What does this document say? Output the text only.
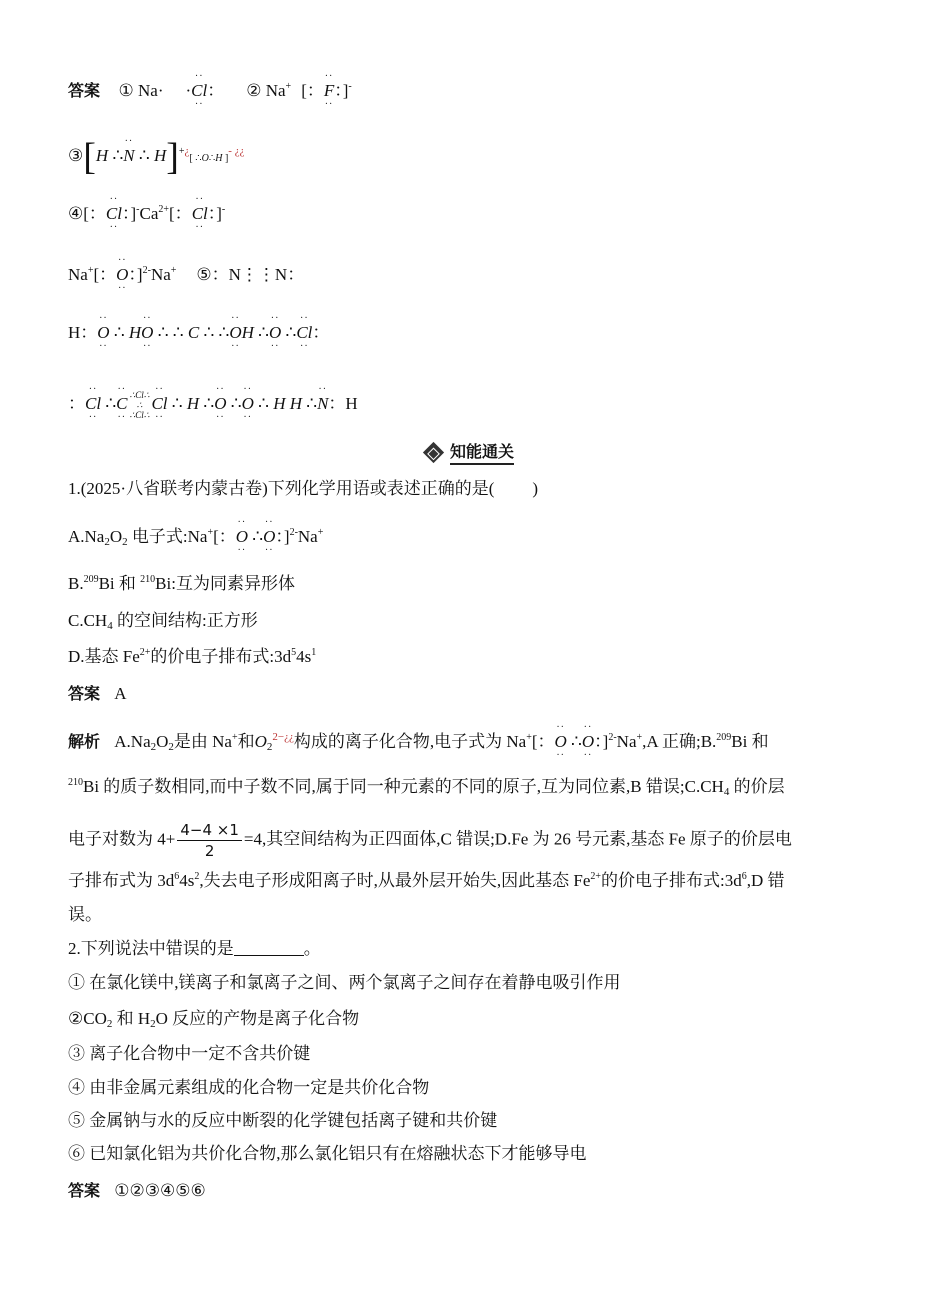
答案  ① Na· ··· Cl ··： ② Na+ [：·· F ··：]-
③[H ∴·· N ∴ H]+¿[ ∴O∴H ]- ¿¿
④[：·· Cl ··：]$^-Ca^{2+}$[：·· Cl ··：]-
Na+[：·· O ··：]$^{2-}$Na+ ⑤：N⋮⋮N：
H：·· O ·· ∴ H·· O ·· ∴ ∴ C ∴ ∴·· O ··H ∴·· O ·· ∴·· Cl ··：
：·· Cl ·· ∴·· C ·· ∴Cl∴
∴
∴Cl∴
·· Cl ·· ∴ H ∴·· O ·· ∴·· O ·· ∴ H H ∴·· N：H
知能通关
1.(2025·八省联考内蒙古卷)下列化学用语或表述正确的是( )
$A.Na_2O_2$ 电子式:Na+[：·· O ·· ∴·· O ··：]$^{2-}$Na+
B.$^{209}$Bi 和 $^{210}$Bi:互为同素异形体
$C.CH_4$ 的空间结构:正方形
D.基态 $Fe^{2+}$的价电子排布式$:3d^54s^1$
答案 A
解析 $A.Na_2O_2$是由 Na+和$O_2^{2-¿¿}$构成的离子化合物,电子式为 Na+[：·· O ·· ∴·· O ··：]$^{2-}$Na+,A 正确;B.$^{209}$Bi 和
$^{210}$Bi 的质子数相同,而中子数不同,属于同一种元素的不同的原子,互为同位素,B 错误$;C.CH_4$ 的价层
电子对数为 $4+ \frac{4-4 \times 1}{2} =4$,其空间结构为正四面体,C 错误;D.Fe 为 26 号元素,基态 Fe 原子的价层电
子排布式为 $3d^64s^2$,失去电子形成阳离子时,从最外层开始失,因此基态 $Fe^{2+}$的价电子排布式$:3d^6,D$ 错
误。
2.下列说法中错误的是	。
① 在氯化镁中,镁离子和氯离子之间、两个氯离子之间存在着静电吸引作用
$②CO_2$ 和 $H_2O$ 反应的产物是离子化合物
③ 离子化合物中一定不含共价键
④ 由非金属元素组成的化合物一定是共价化合物
⑤ 金属钠与水的反应中断裂的化学键包括离子键和共价键
⑥ 已知氯化铝为共价化合物,那么氯化铝只有在熔融状态下才能够导电
答案 ①②③④⑤⑥
